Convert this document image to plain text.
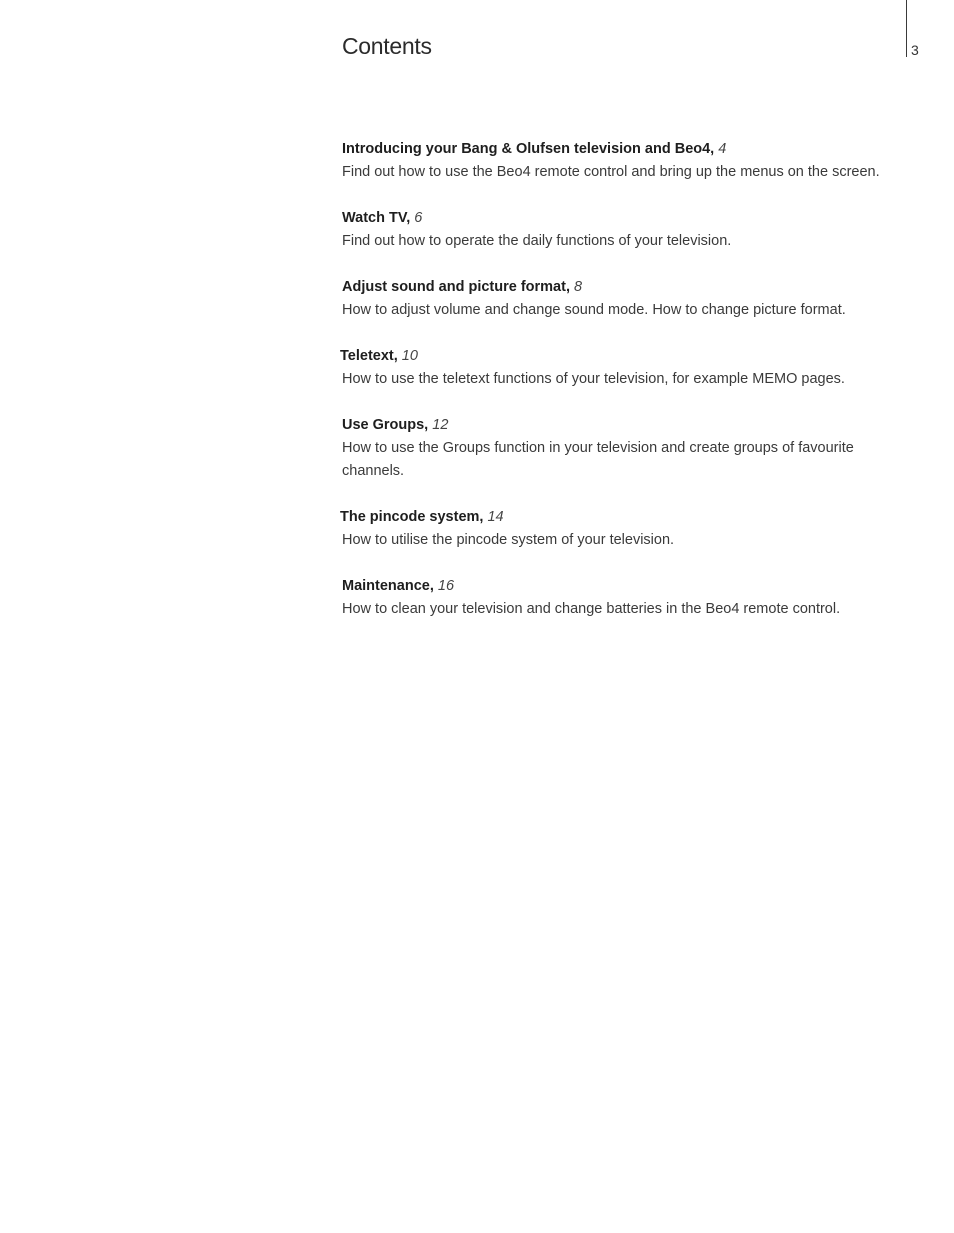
3
Contents
Introducing your Bang & Olufsen television and Beo4, 4

Find out how to use the Beo4 remote control and bring up the menus on the screen.

Watch TV, 6

Find out how to operate the daily functions of your television.

Adjust sound and picture format, 8

How to adjust volume and change sound mode. How to change picture format.

Teletext, 10

How to use the teletext functions of your television, for example MEMO pages.

Use Groups, 12

How to use the Groups function in your television and create groups of favourite channels.

The pincode system, 14

How to utilise the pincode system of your television.

Maintenance, 16

How to clean your television and change batteries in the Beo4 remote control.
